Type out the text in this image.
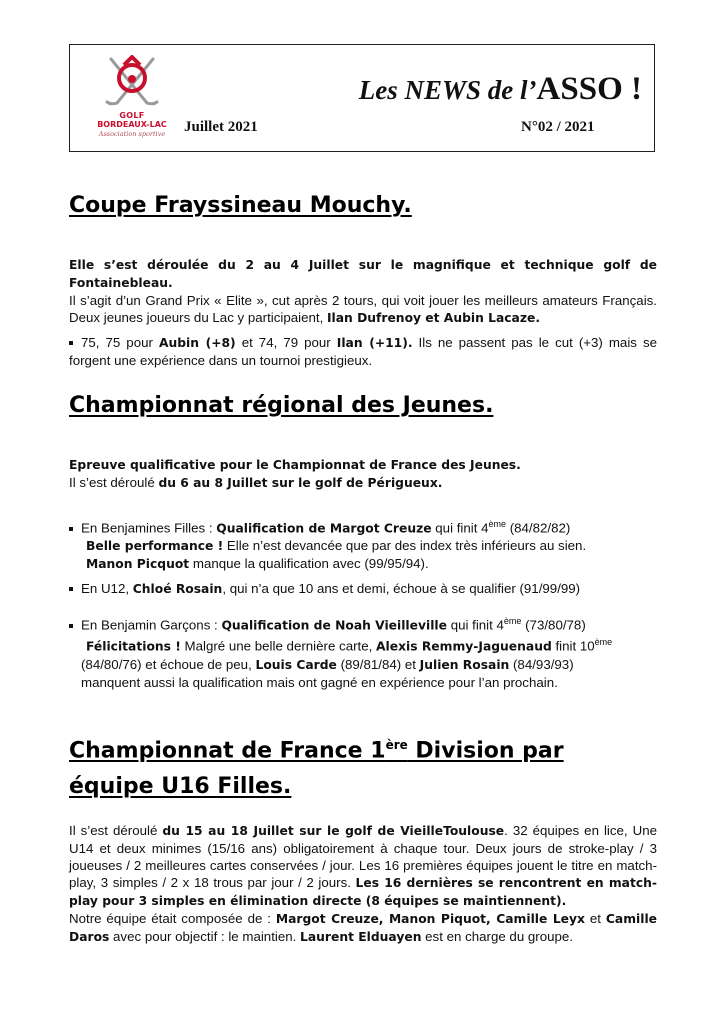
GOLF
BORDEAUX-LAC
Association sportive
Les NEWS de l’ASSO !
Juillet 2021	N°02 / 2021
Coupe Frayssineau Mouchy.
Elle s’est déroulée du 2 au 4 Juillet sur le magnifique et technique golf de Fontainebleau.
Il s’agit d’un Grand Prix « Elite », cut après 2 tours, qui voit jouer les meilleurs amateurs Français. Deux jeunes joueurs du Lac y participaient, Ilan Dufrenoy et Aubin Lacaze.
75, 75 pour Aubin (+8) et 74, 79 pour Ilan (+11). Ils ne passent pas le cut (+3) mais se forgent une expérience dans un tournoi prestigieux.
Championnat régional des Jeunes.
Epreuve qualificative pour le Championnat de France des Jeunes.
Il s’est déroulé du 6 au 8 Juillet sur le golf de Périgueux.
En Benjamines Filles : Qualification de Margot Creuze qui finit 4ème (84/82/82)
Belle performance ! Elle n’est devancée que par des index très inférieurs au sien.
Manon Picquot manque la qualification avec (99/95/94).
En U12, Chloé Rosain, qui n’a que 10 ans et demi, échoue à se qualifier (91/99/99)
En Benjamin Garçons : Qualification de Noah Vieilleville qui finit 4ème (73/80/78)
Félicitations ! Malgré une belle dernière carte, Alexis Remmy-Jaguenaud finit 10ème
(84/80/76) et échoue de peu, Louis Carde (89/81/84) et Julien Rosain (84/93/93)
manquent aussi la qualification mais ont gagné en expérience pour l’an prochain.
Championnat de France 1ère Division par
équipe U16 Filles.
Il s’est déroulé du 15 au 18 Juillet sur le golf de VieilleToulouse. 32 équipes en lice, Une U14 et deux minimes (15/16 ans) obligatoirement à chaque tour. Deux jours de stroke-play / 3 joueuses / 2 meilleures cartes conservées / jour. Les 16 premières équipes jouent le titre en match-play, 3 simples / 2 x 18 trous par jour / 2 jours. Les 16 dernières se rencontrent en match-play pour 3 simples en élimination directe (8 équipes se maintiennent).
Notre équipe était composée de : Margot Creuze, Manon Piquot, Camille Leyx et Camille Daros avec pour objectif : le maintien. Laurent Elduayen est en charge du groupe.
